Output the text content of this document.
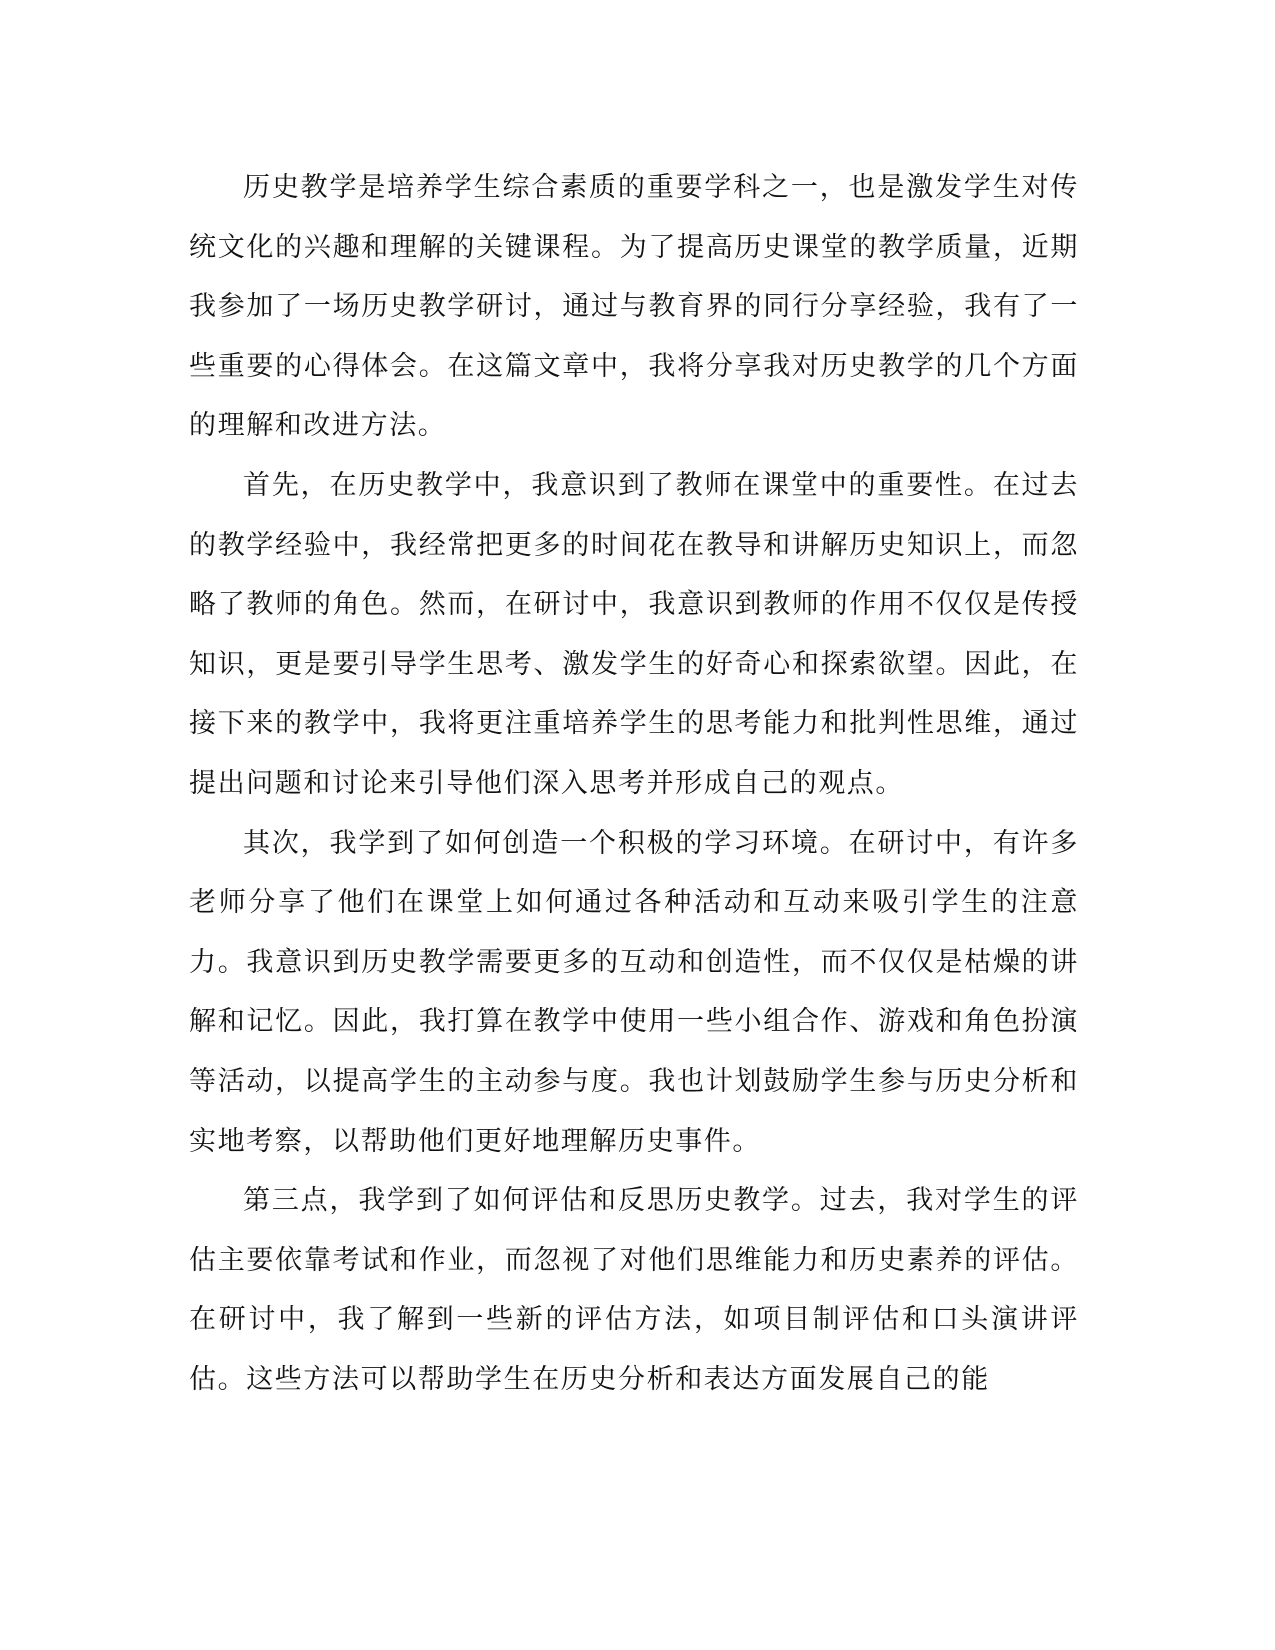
历史教学是培养学生综合素质的重要学科之一，也是激发学生对传统文化的兴趣和理解的关键课程。为了提高历史课堂的教学质量，近期我参加了一场历史教学研讨，通过与教育界的同行分享经验，我有了一些重要的心得体会。在这篇文章中，我将分享我对历史教学的几个方面的理解和改进方法。

首先，在历史教学中，我意识到了教师在课堂中的重要性。在过去的教学经验中，我经常把更多的时间花在教导和讲解历史知识上，而忽略了教师的角色。然而，在研讨中，我意识到教师的作用不仅仅是传授知识，更是要引导学生思考、激发学生的好奇心和探索欲望。因此，在接下来的教学中，我将更注重培养学生的思考能力和批判性思维，通过提出问题和讨论来引导他们深入思考并形成自己的观点。

其次，我学到了如何创造一个积极的学习环境。在研讨中，有许多老师分享了他们在课堂上如何通过各种活动和互动来吸引学生的注意力。我意识到历史教学需要更多的互动和创造性，而不仅仅是枯燥的讲解和记忆。因此，我打算在教学中使用一些小组合作、游戏和角色扮演等活动，以提高学生的主动参与度。我也计划鼓励学生参与历史分析和实地考察，以帮助他们更好地理解历史事件。

第三点，我学到了如何评估和反思历史教学。过去，我对学生的评估主要依靠考试和作业，而忽视了对他们思维能力和历史素养的评估。在研讨中，我了解到一些新的评估方法，如项目制评估和口头演讲评估。这些方法可以帮助学生在历史分析和表达方面发展自己的能
